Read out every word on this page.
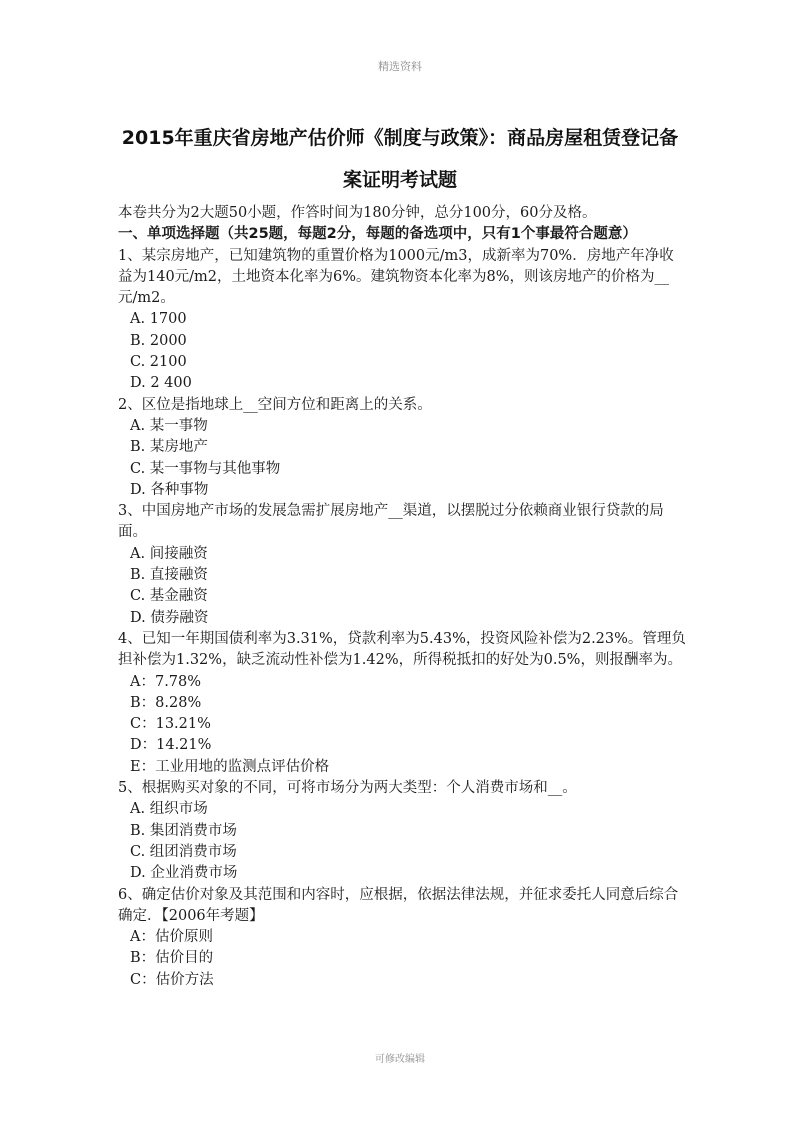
精选资料
2015年重庆省房地产估价师《制度与政策》：商品房屋租赁登记备
案证明考试题
本卷共分为2大题50小题，作答时间为180分钟，总分100分，60分及格。
一、单项选择题（共25题，每题2分，每题的备选项中，只有1个事最符合题意）
1、某宗房地产，已知建筑物的重置价格为1000元/m3，成新率为70%．房地产年净收益为140元/m2，土地资本化率为6%。建筑物资本化率为8%，则该房地产的价格为__元/m2。
A. 1700
B. 2000
C. 2100
D. 2 400
2、区位是指地球上__空间方位和距离上的关系。
A. 某一事物
B. 某房地产
C. 某一事物与其他事物
D. 各种事物
3、中国房地产市场的发展急需扩展房地产__渠道，以摆脱过分依赖商业银行贷款的局面。
A. 间接融资
B. 直接融资
C. 基金融资
D. 债券融资
4、已知一年期国债利率为3.31%，贷款利率为5.43%，投资风险补偿为2.23%。管理负担补偿为1.32%，缺乏流动性补偿为1.42%，所得税抵扣的好处为0.5%，则报酬率为。
A：7.78%
B：8.28%
C：13.21%
D：14.21%
E：工业用地的监测点评估价格
5、根据购买对象的不同，可将市场分为两大类型：个人消费市场和__。
A. 组织市场
B. 集团消费市场
C. 组团消费市场
D. 企业消费市场
6、确定估价对象及其范围和内容时，应根据，依据法律法规，并征求委托人同意后综合确定．【2006年考题】
A：估价原则
B：估价目的
C：估价方法
可修改编辑
